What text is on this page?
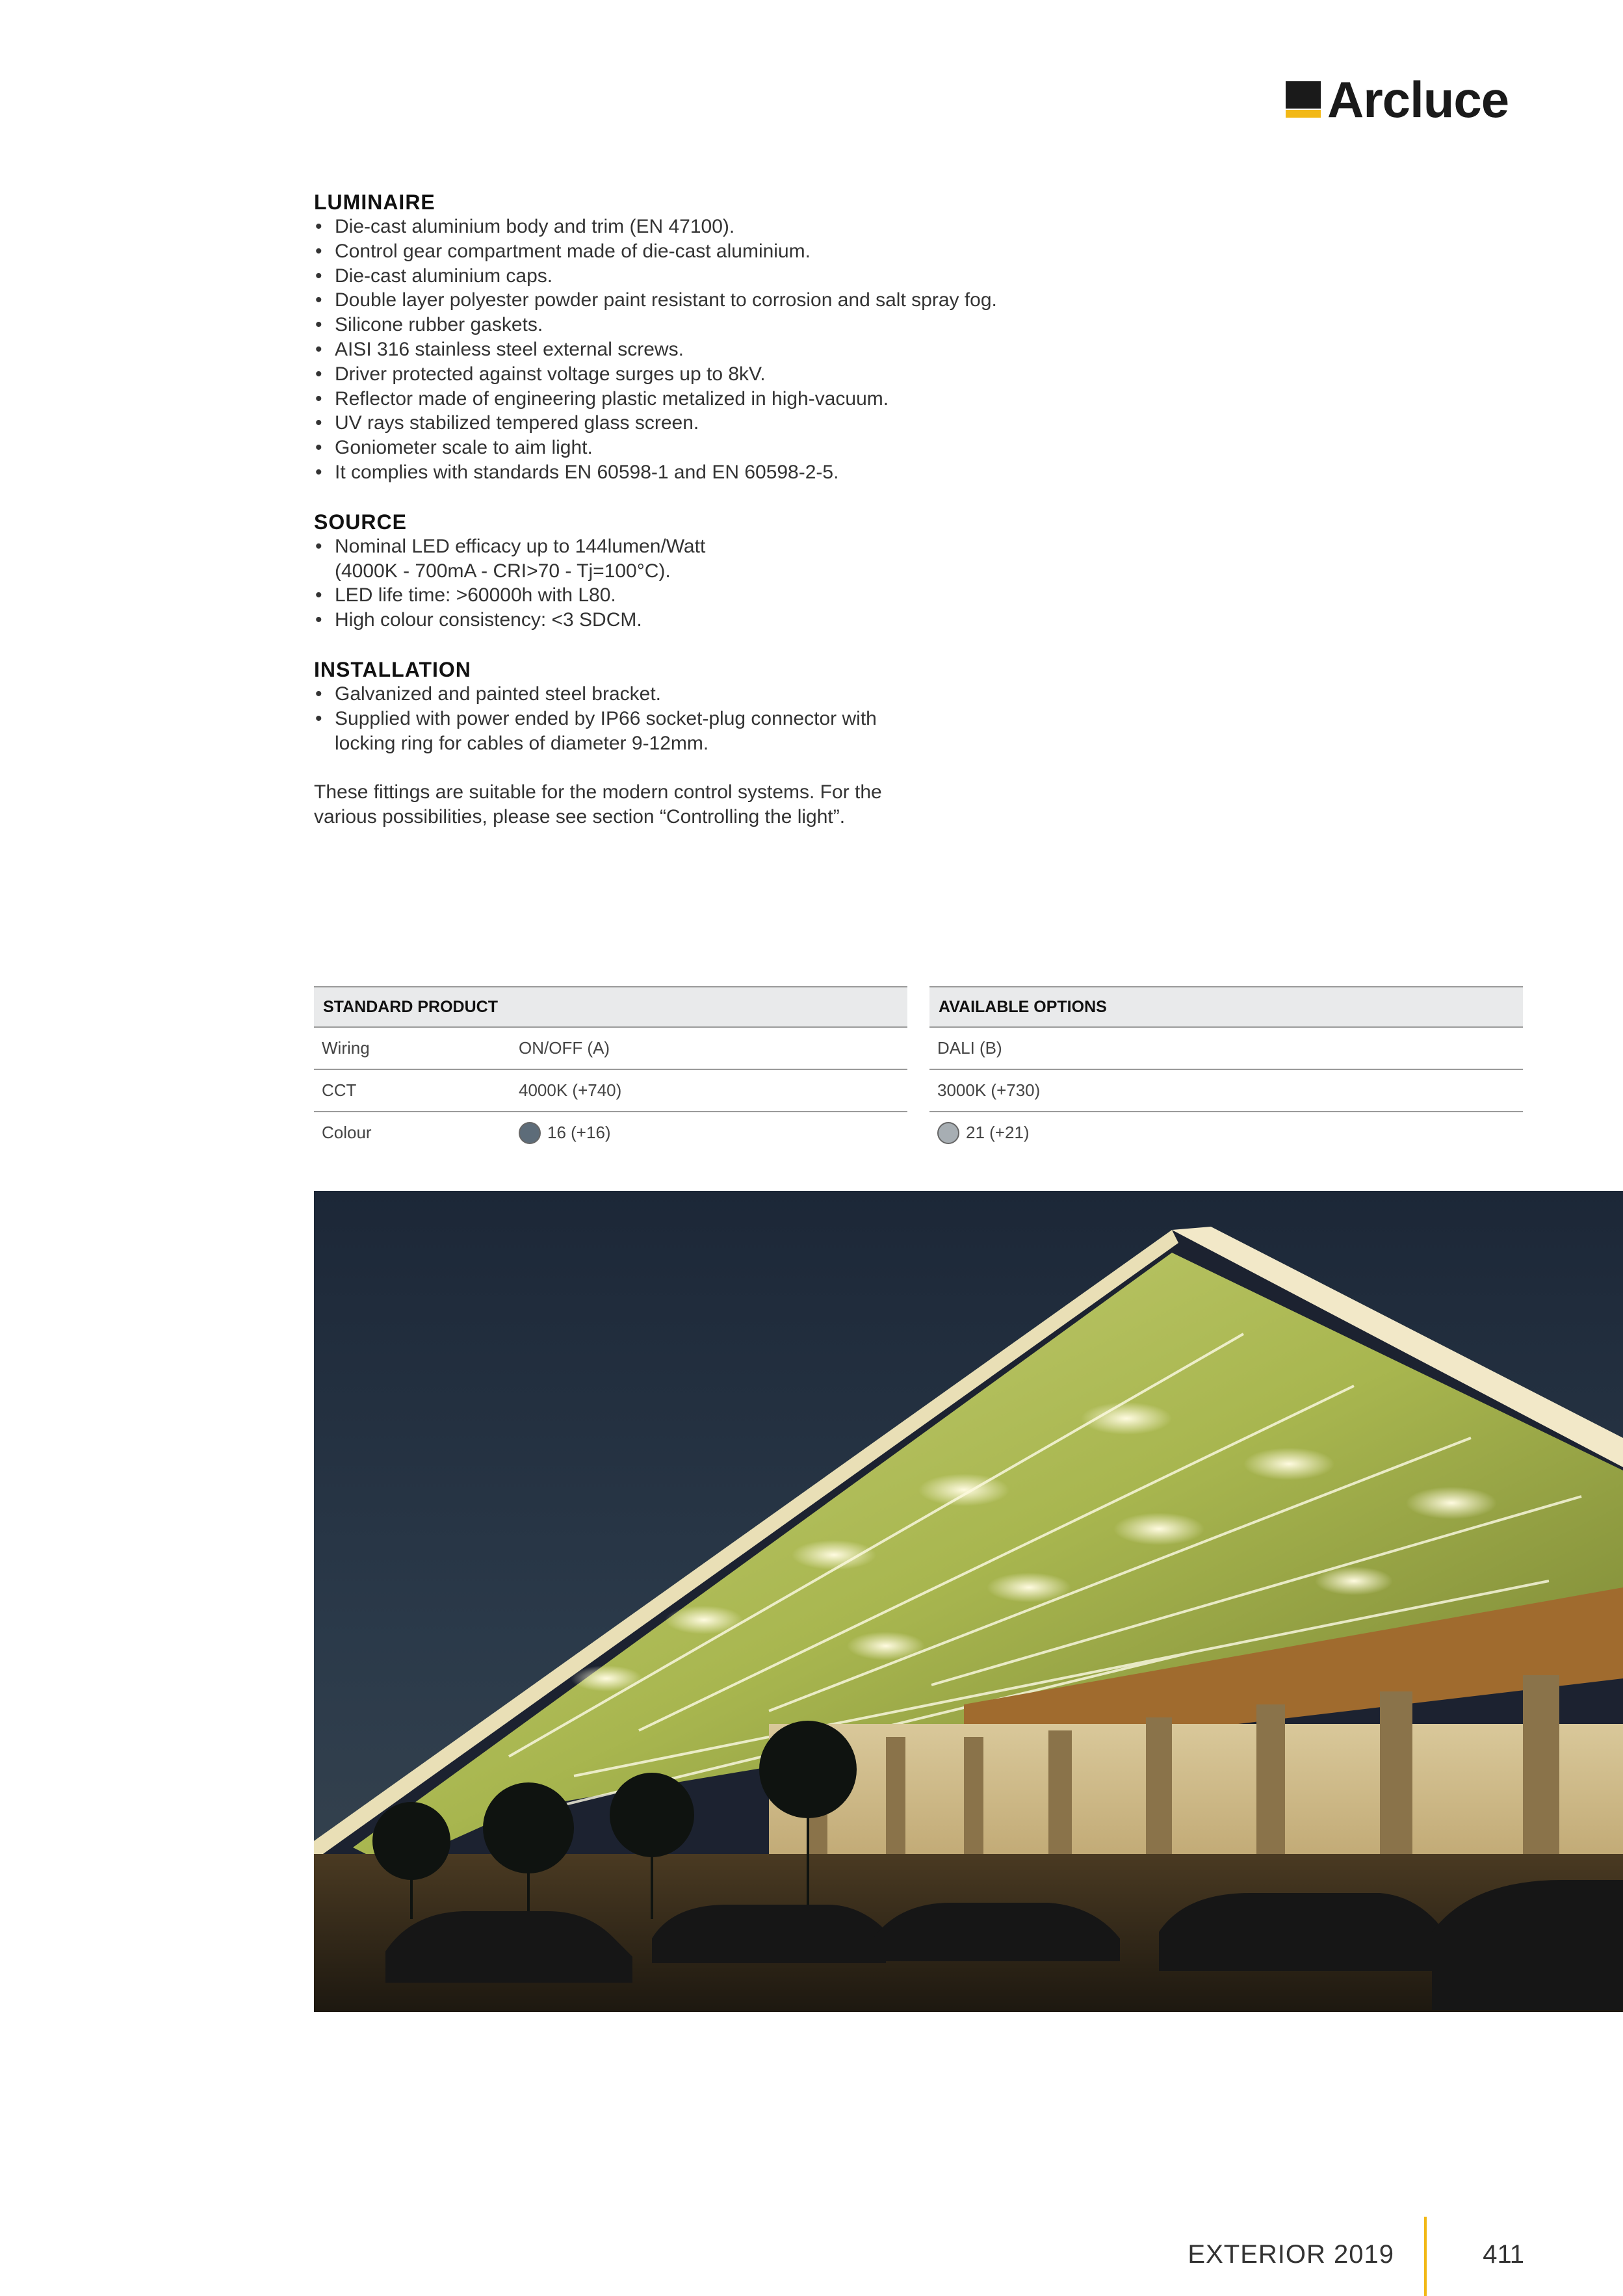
Arcluce
LUMINAIRE
• Die-cast aluminium body and trim (EN 47100).
• Control gear compartment made of die-cast aluminium.
• Die-cast aluminium caps.
• Double layer polyester powder paint resistant to corrosion and salt spray fog.
• Silicone rubber gaskets.
• AISI 316 stainless steel external screws.
• Driver protected against voltage surges up to 8kV.
• Reflector made of engineering plastic metalized in high-vacuum.
• UV rays stabilized tempered glass screen.
• Goniometer scale to aim light.
• It complies with standards EN 60598-1 and EN 60598-2-5.
SOURCE
• Nominal LED efficacy up to 144lumen/Watt
(4000K - 700mA - CRI>70 - Tj=100°C).
• LED life time: >60000h with L80.
• High colour consistency: <3 SDCM.
INSTALLATION
• Galvanized and painted steel bracket.
• Supplied with power ended by IP66 socket-plug connector with
locking ring for cables of diameter 9-12mm.
These fittings are suitable for the modern control systems. For the
various possibilities, please see section “Controlling the light”.
STANDARD PRODUCT
Wiring	ON/OFF (A)
CCT	4000K (+740)
Colour	16 (+16)
AVAILABLE OPTIONS
DALI (B)
3000K (+730)
21 (+21)
EXTERIOR 2019	411
